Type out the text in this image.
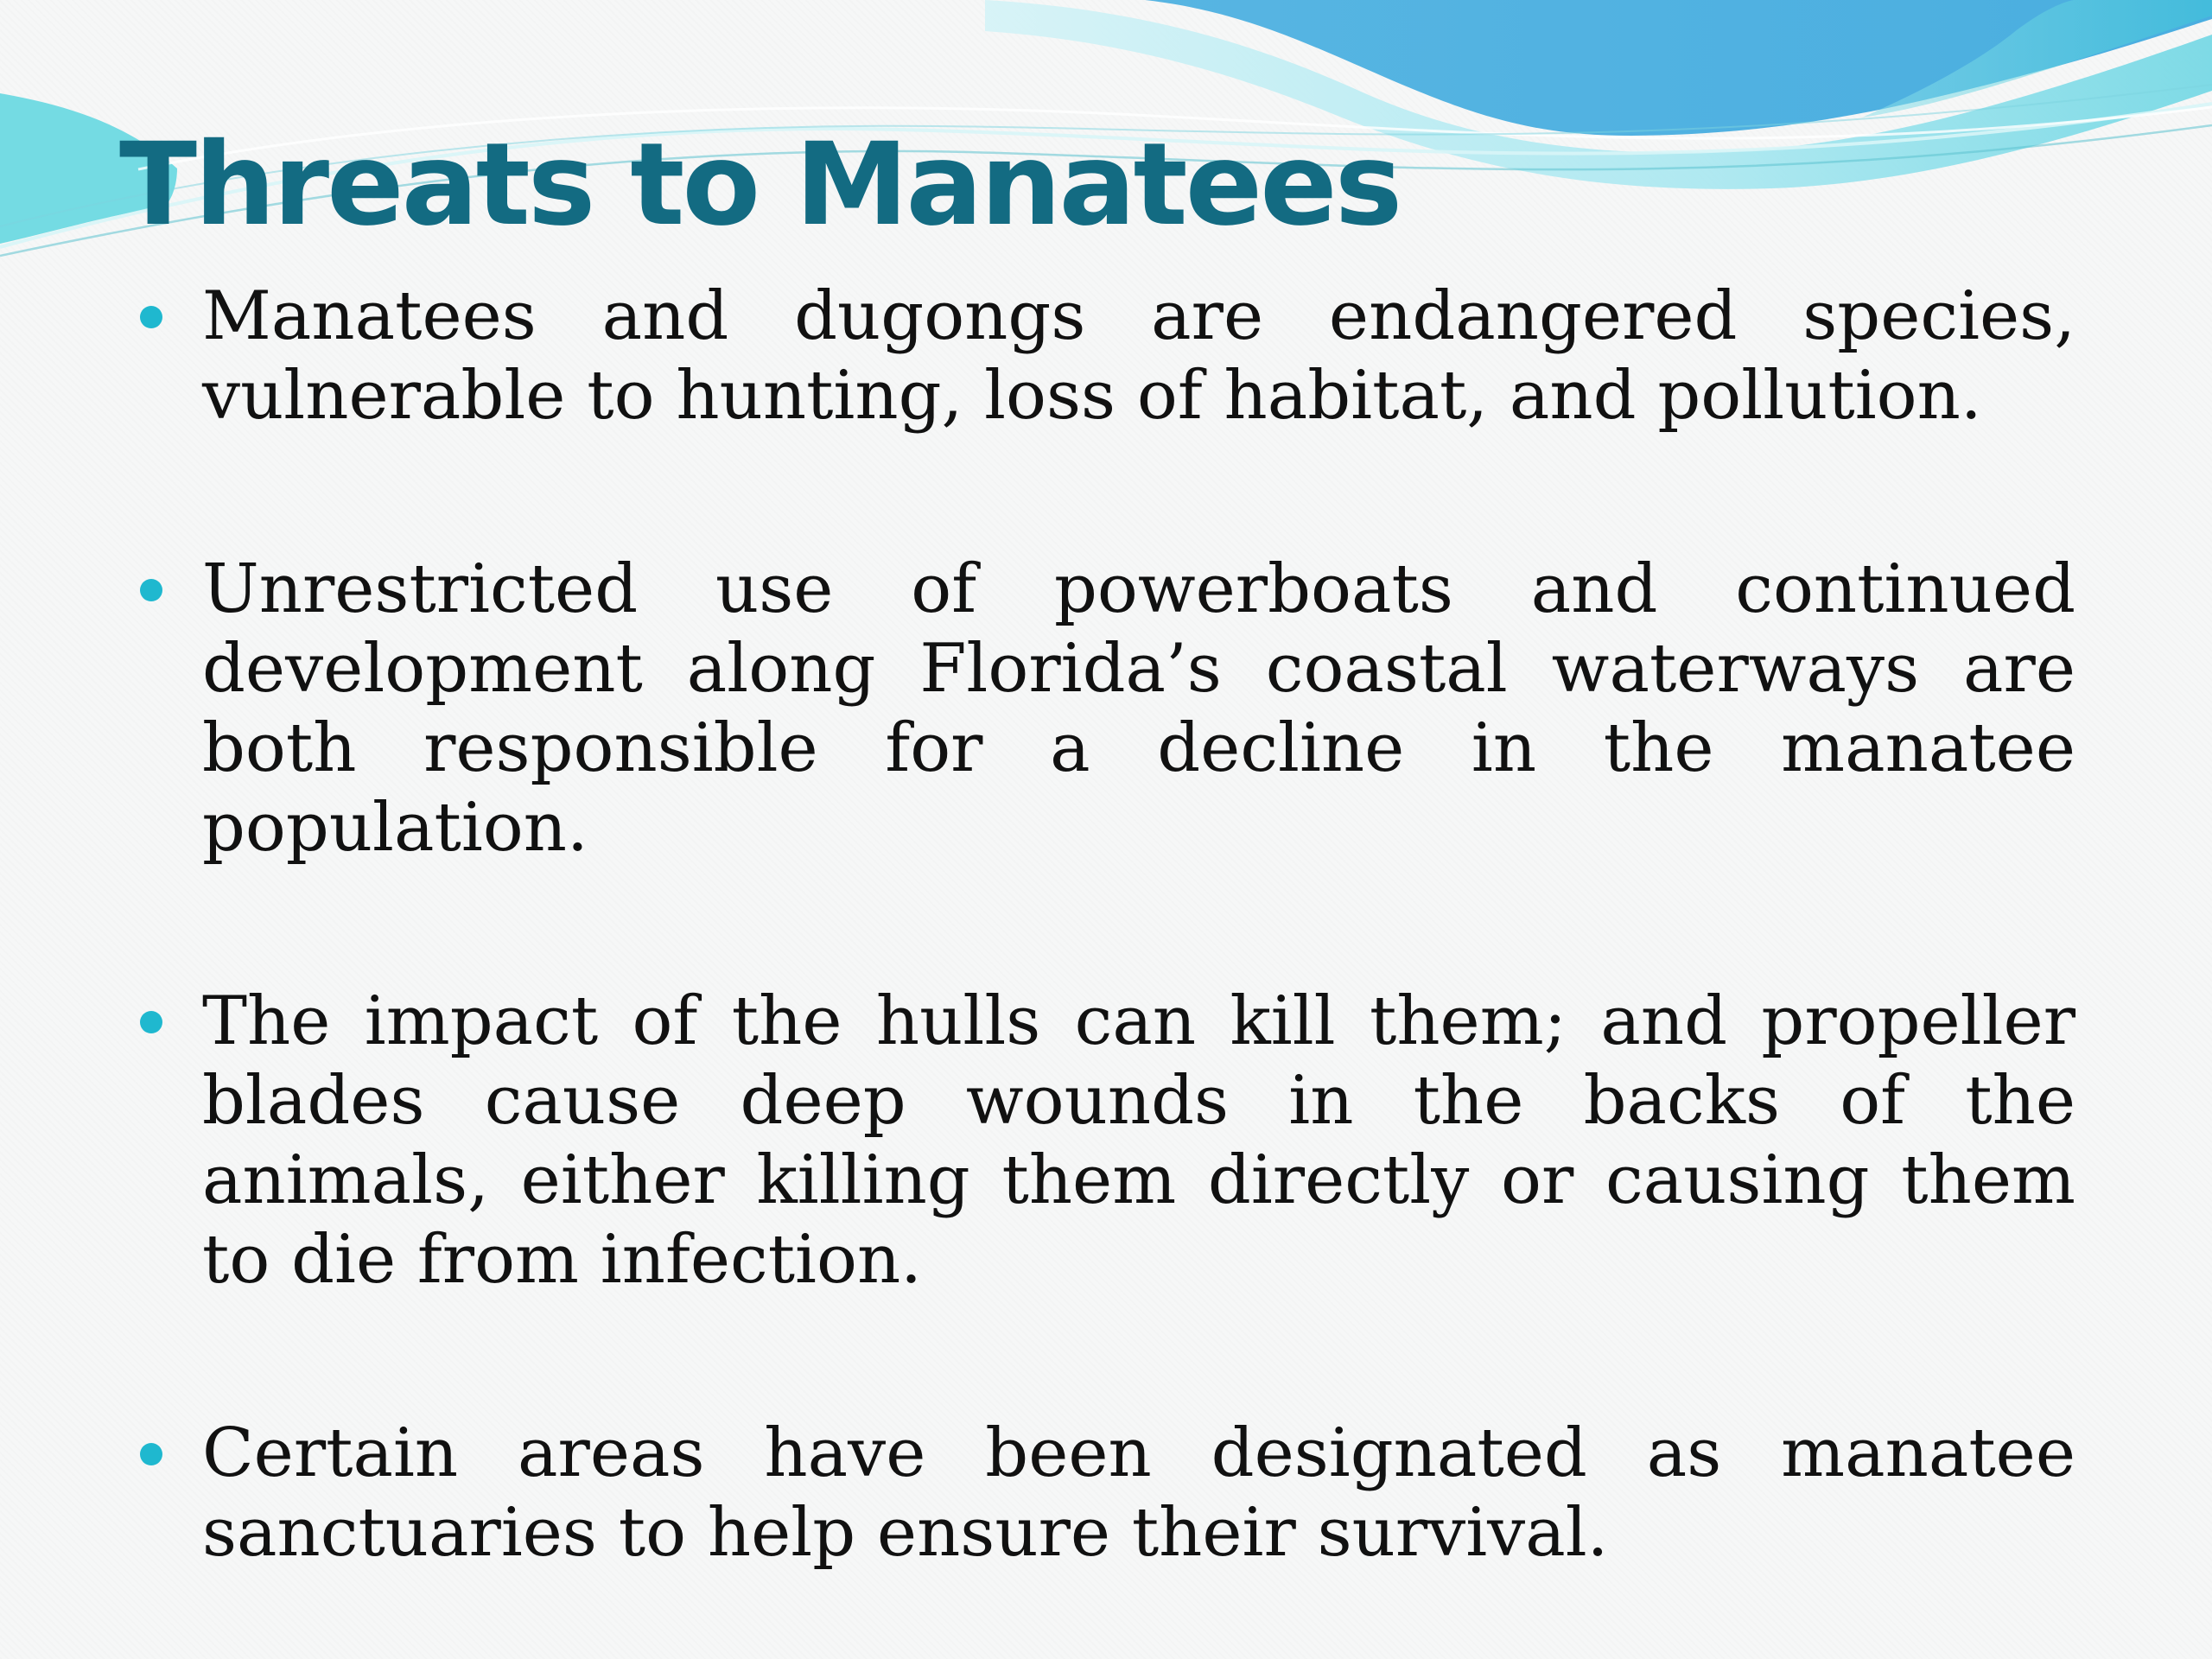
Threats to Manatees
Manatees and dugongs are endangered species, vulnerable to hunting, loss of habitat, and pollution.
Unrestricted use of powerboats and continued development along Florida’s coastal waterways are both responsible for a decline in the manatee population.
The impact of the hulls can kill them; and propeller blades cause deep wounds in the backs of the animals, either killing them directly or causing them to die from infection.
Certain areas have been designated as manatee sanctuaries to help ensure their survival.
